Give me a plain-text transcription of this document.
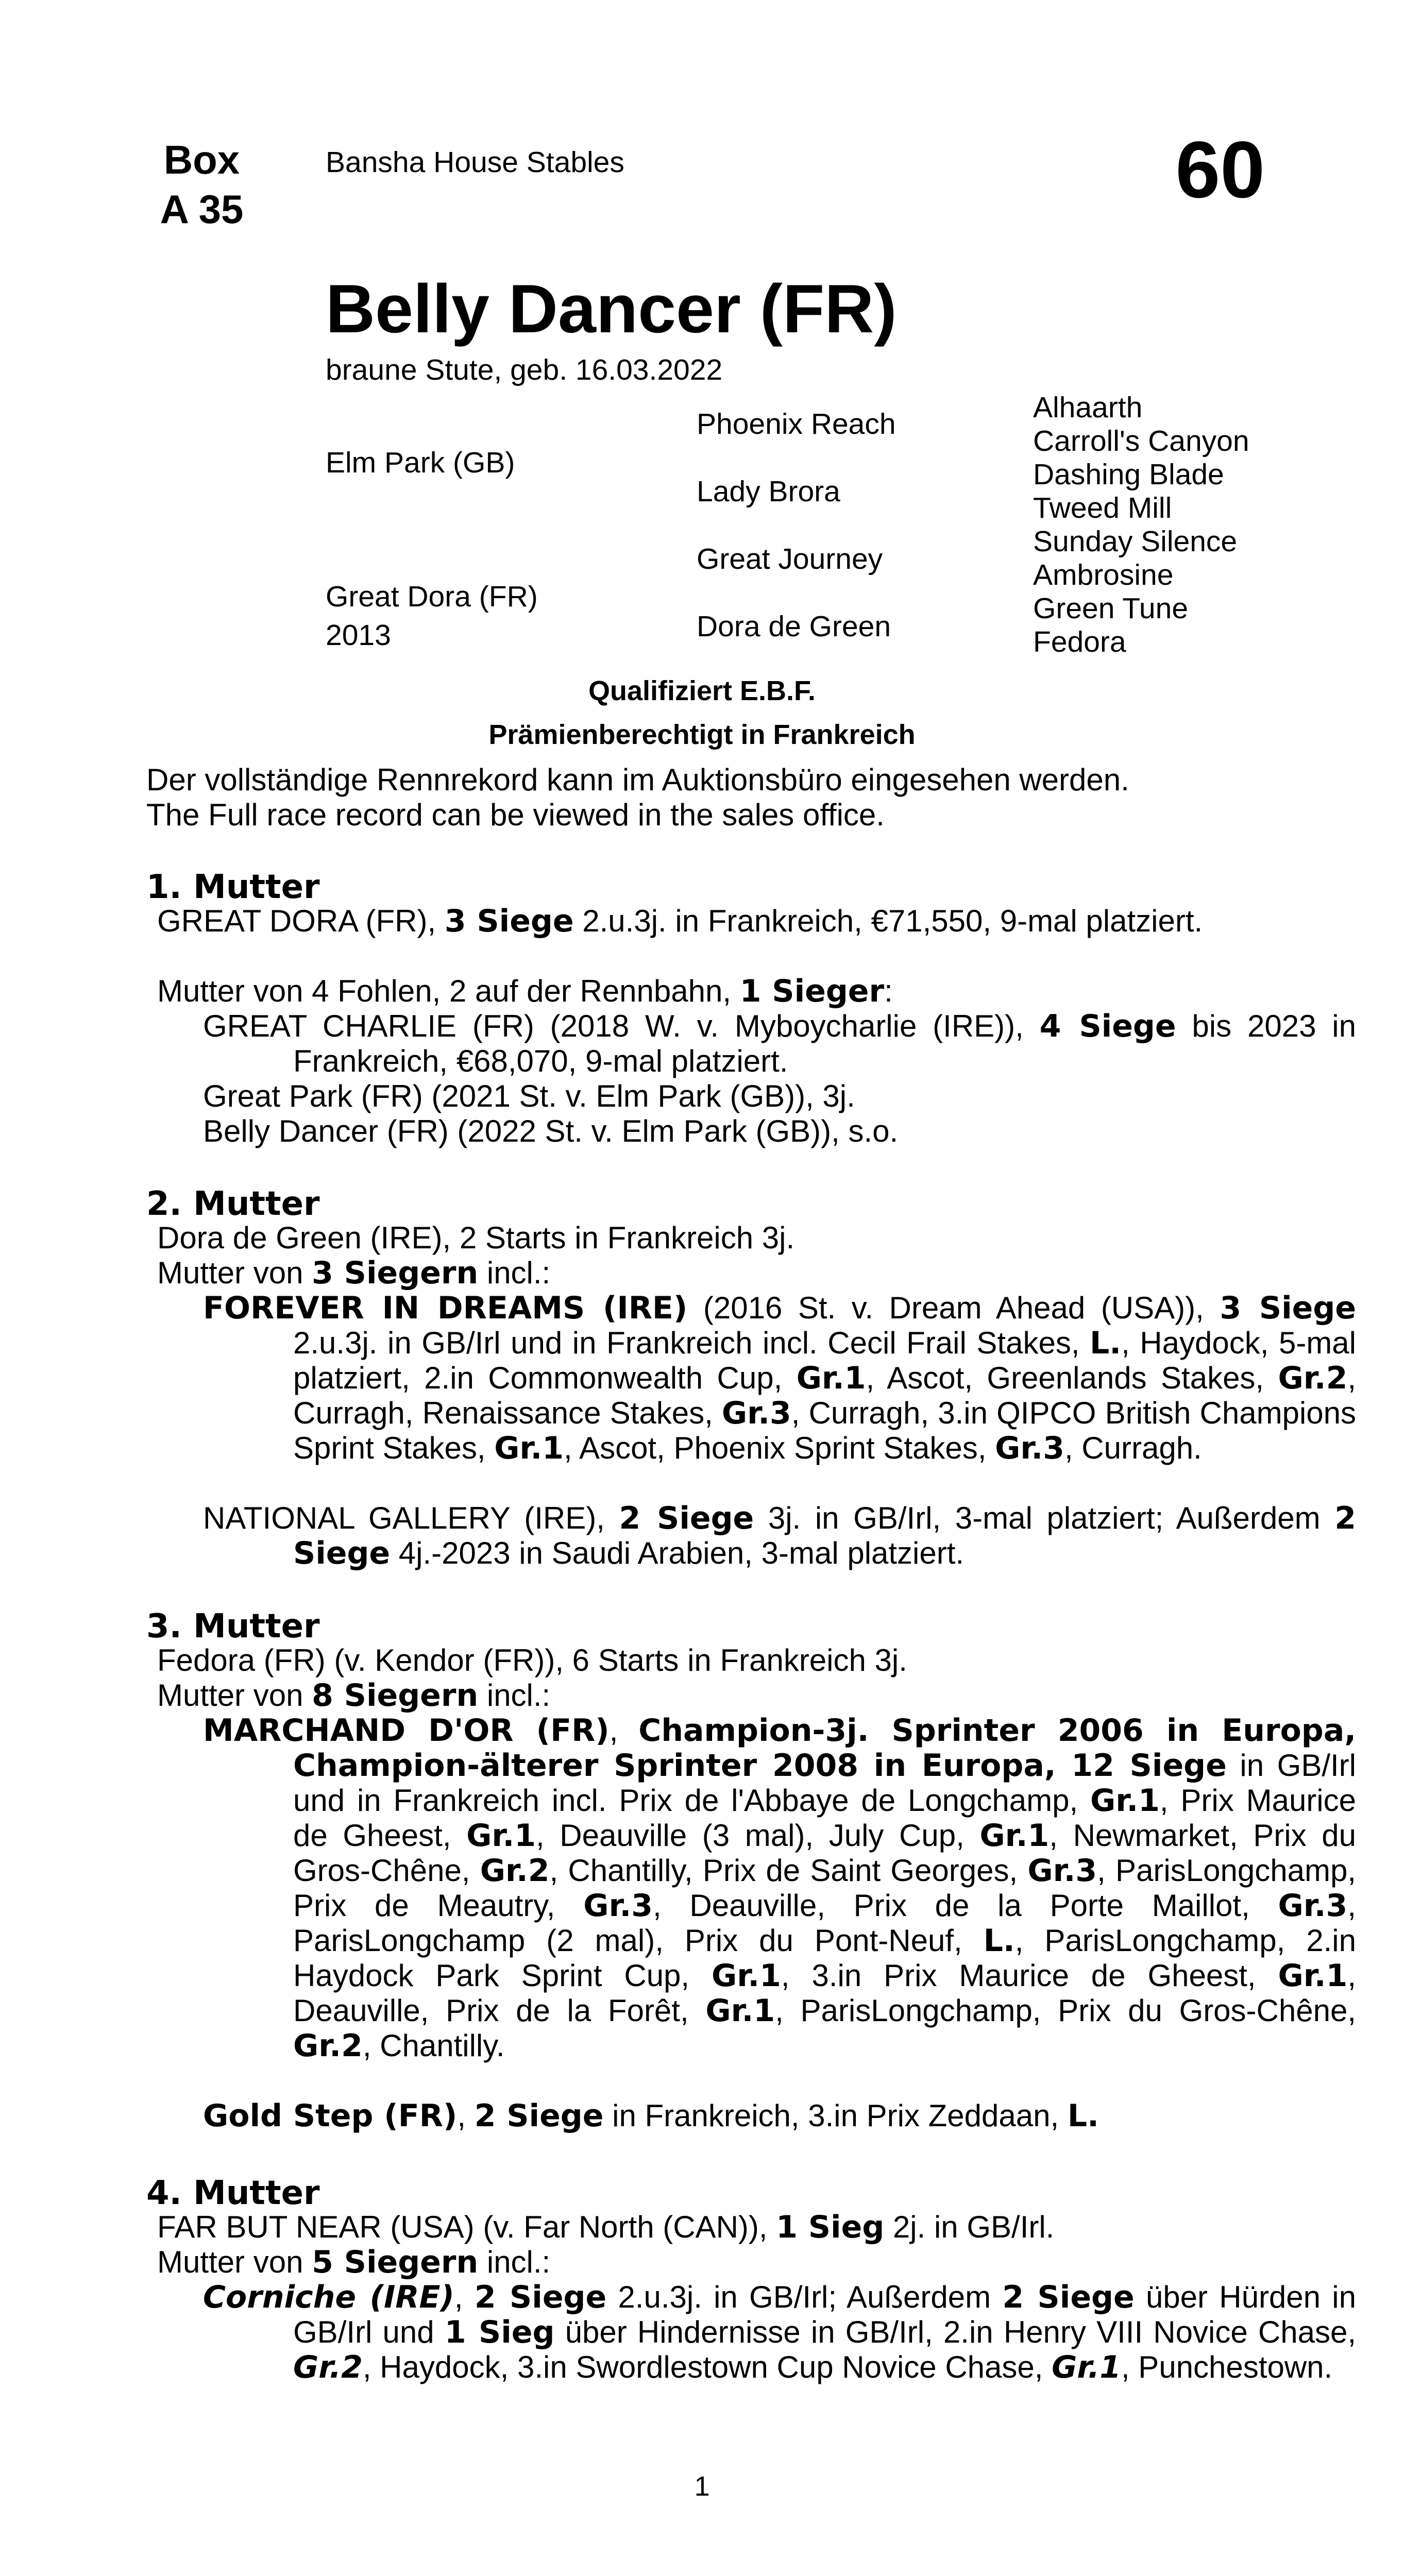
Box
A 35
Bansha House Stables	60
Belly Dancer (FR)
braune Stute, geb. 16.03.2022
Elm Park (GB)
Great Dora (FR)
2013
Phoenix Reach
Lady Brora
Great Journey
Dora de Green
Alhaarth
Carroll's Canyon
Dashing Blade
Tweed Mill
Sunday Silence
Ambrosine
Green Tune
Fedora
Qualifiziert E.B.F.
Prämienberechtigt in Frankreich
Der vollständige Rennrekord kann im Auktionsbüro eingesehen werden.
The Full race record can be viewed in the sales office.
1. Mutter
GREAT DORA (FR), 3 Siege 2.u.3j. in Frankreich, €71,550, 9-mal platziert.
Mutter von 4 Fohlen, 2 auf der Rennbahn, 1 Sieger:
GREAT CHARLIE (FR) (2018 W. v. Myboycharlie (IRE)), 4 Siege bis 2023 in Frankreich, €68,070, 9-mal platziert.
Great Park (FR) (2021 St. v. Elm Park (GB)), 3j.
Belly Dancer (FR) (2022 St. v. Elm Park (GB)), s.o.
2. Mutter
Dora de Green (IRE), 2 Starts in Frankreich 3j.
Mutter von 3 Siegern incl.:
FOREVER IN DREAMS (IRE) (2016 St. v. Dream Ahead (USA)), 3 Siege 2.u.3j. in GB/Irl und in Frankreich incl. Cecil Frail Stakes, L., Haydock, 5-mal platziert, 2.in Commonwealth Cup, Gr.1, Ascot, Greenlands Stakes, Gr.2, Curragh, Renaissance Stakes, Gr.3, Curragh, 3.in QIPCO British Champions Sprint Stakes, Gr.1, Ascot, Phoenix Sprint Stakes, Gr.3, Curragh.
NATIONAL GALLERY (IRE), 2 Siege 3j. in GB/Irl, 3-mal platziert; Außerdem 2 Siege 4j.-2023 in Saudi Arabien, 3-mal platziert.
3. Mutter
Fedora (FR) (v. Kendor (FR)), 6 Starts in Frankreich 3j.
Mutter von 8 Siegern incl.:
MARCHAND D'OR (FR), Champion-3j. Sprinter 2006 in Europa, Champion-älterer Sprinter 2008 in Europa, 12 Siege in GB/Irl und in Frankreich incl. Prix de l'Abbaye de Longchamp, Gr.1, Prix Maurice de Gheest, Gr.1, Deauville (3 mal), July Cup, Gr.1, Newmarket, Prix du Gros-Chêne, Gr.2, Chantilly, Prix de Saint Georges, Gr.3, ParisLongchamp, Prix de Meautry, Gr.3, Deauville, Prix de la Porte Maillot, Gr.3, ParisLongchamp (2 mal), Prix du Pont-Neuf, L., ParisLongchamp, 2.in Haydock Park Sprint Cup, Gr.1, 3.in Prix Maurice de Gheest, Gr.1, Deauville, Prix de la Forêt, Gr.1, ParisLongchamp, Prix du Gros-Chêne, Gr.2, Chantilly.
Gold Step (FR), 2 Siege in Frankreich, 3.in Prix Zeddaan, L.
4. Mutter
FAR BUT NEAR (USA) (v. Far North (CAN)), 1 Sieg 2j. in GB/Irl.
Mutter von 5 Siegern incl.:
Corniche (IRE), 2 Siege 2.u.3j. in GB/Irl; Außerdem 2 Siege über Hürden in GB/Irl und 1 Sieg über Hindernisse in GB/Irl, 2.in Henry VIII Novice Chase, Gr.2, Haydock, 3.in Swordlestown Cup Novice Chase, Gr.1, Punchestown.
1
